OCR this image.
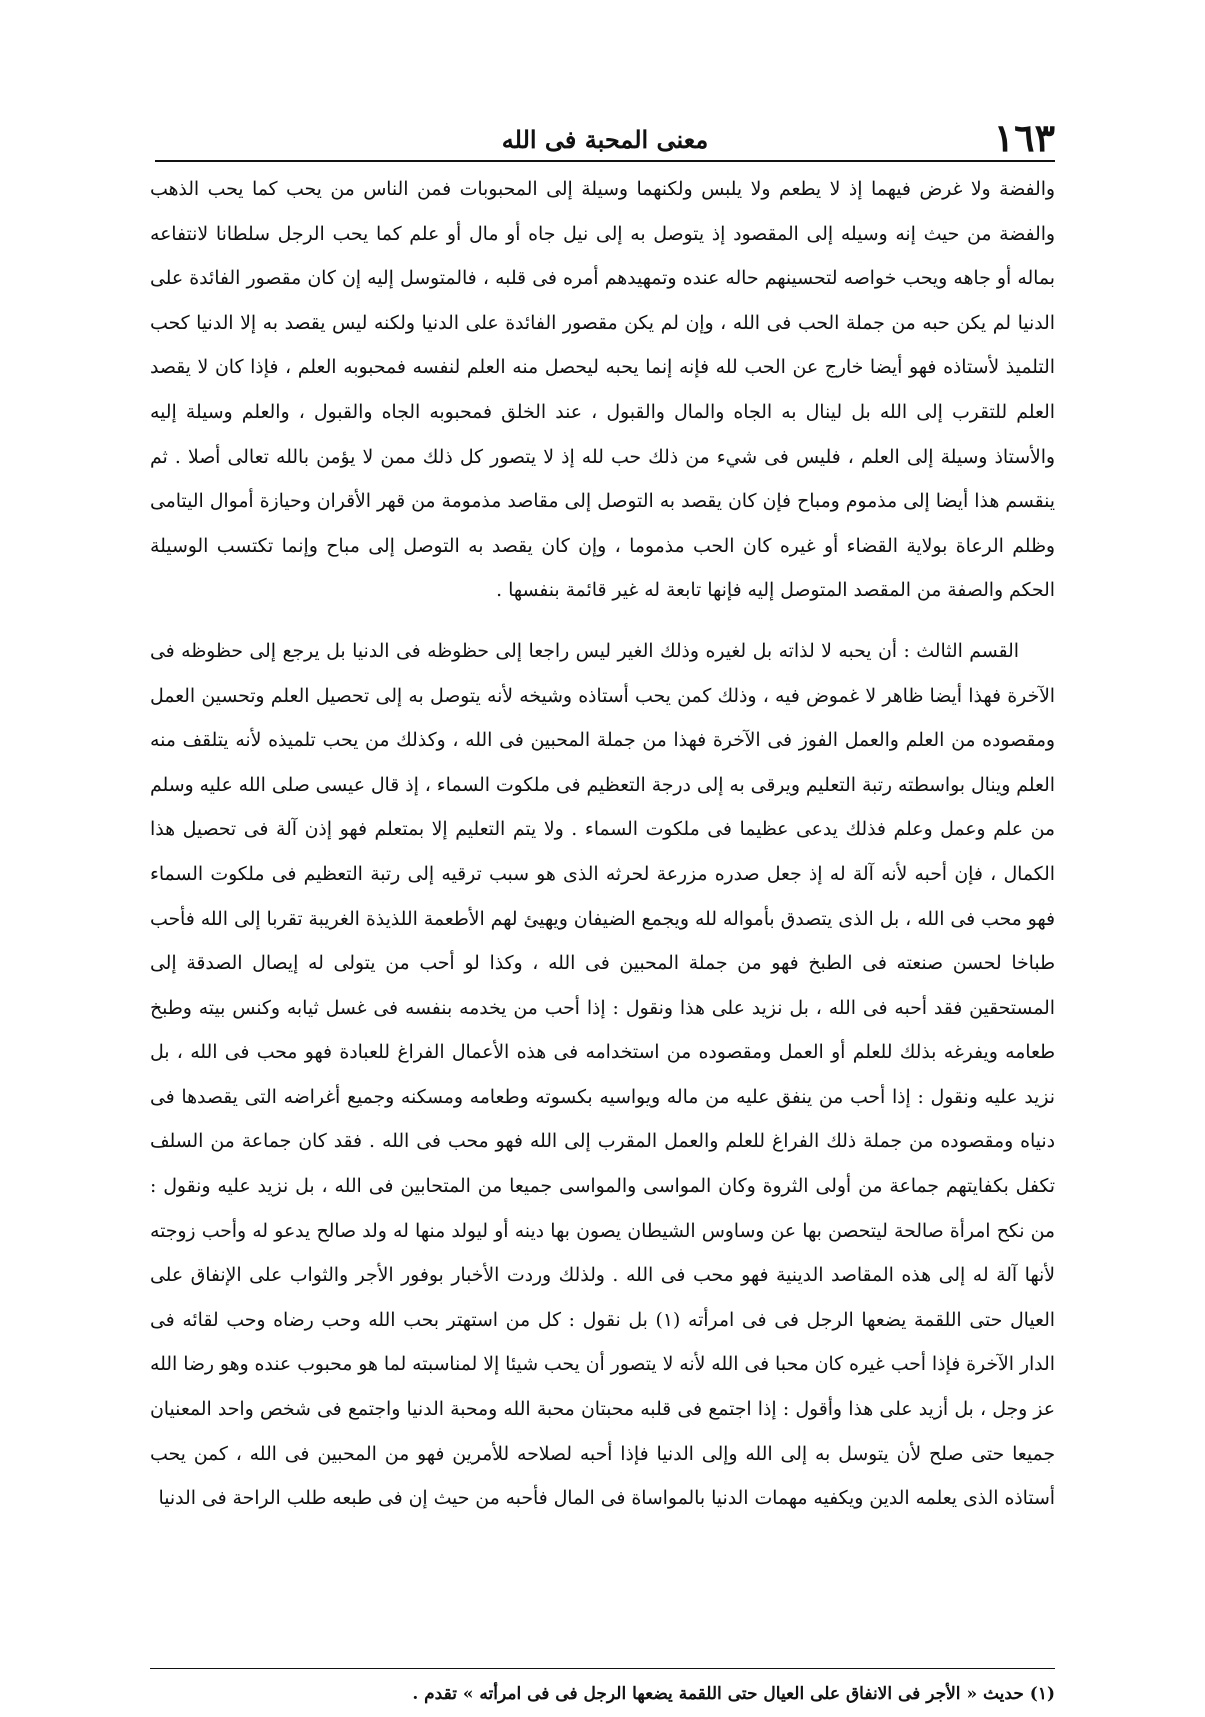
١٦٣
معنى المحبة فى الله

والفضة ولا غرض فيهما إذ لا يطعم ولا يلبس ولكنهما وسيلة إلى المحبوبات فمن الناس من يحب كما يحب الذهب والفضة من حيث إنه وسيله إلى المقصود إذ يتوصل به إلى نيل جاه أو مال أو علم كما يحب الرجل سلطانا لانتفاعه بماله أو جاهه ويحب خواصه لتحسينهم حاله عنده وتمهيدهم أمره فى قلبه ، فالمتوسل إليه إن كان مقصور الفائدة على الدنيا لم يكن حبه من جملة الحب فى الله ، وإن لم يكن مقصور الفائدة على الدنيا ولكنه ليس يقصد به إلا الدنيا كحب التلميذ لأستاذه فهو أيضا خارج عن الحب لله فإنه إنما يحبه ليحصل منه العلم لنفسه فمحبوبه العلم ، فإذا كان لا يقصد العلم للتقرب إلى الله بل لينال به الجاه والمال والقبول ، عند الخلق فمحبوبه الجاه والقبول ، والعلم وسيلة إليه والأستاذ وسيلة إلى العلم ، فليس فى شيء من ذلك حب لله إذ لا يتصور كل ذلك ممن لا يؤمن بالله تعالى أصلا . ثم ينقسم هذا أيضا إلى مذموم ومباح فإن كان يقصد به التوصل إلى مقاصد مذمومة من قهر الأقران وحيازة أموال اليتامى وظلم الرعاة بولاية القضاء أو غيره كان الحب مذموما ، وإن كان يقصد به التوصل إلى مباح وإنما تكتسب الوسيلة الحكم والصفة من المقصد المتوصل إليه فإنها تابعة له غير قائمة بنفسها .

القسم الثالث : أن يحبه لا لذاته بل لغيره وذلك الغير ليس راجعا إلى حظوظه فى الدنيا بل يرجع إلى حظوظه فى الآخرة فهذا أيضا ظاهر لا غموض فيه ، وذلك كمن يحب أستاذه وشيخه لأنه يتوصل به إلى تحصيل العلم وتحسين العمل ومقصوده من العلم والعمل الفوز فى الآخرة فهذا من جملة المحبين فى الله ، وكذلك من يحب تلميذه لأنه يتلقف منه العلم وينال بواسطته رتبة التعليم ويرقى به إلى درجة التعظيم فى ملكوت السماء ، إذ قال عيسى صلى الله عليه وسلم من علم وعمل وعلم فذلك يدعى عظيما فى ملكوت السماء . ولا يتم التعليم إلا بمتعلم فهو إذن آلة فى تحصيل هذا الكمال ، فإن أحبه لأنه آلة له إذ جعل صدره مزرعة لحرثه الذى هو سبب ترقيه إلى رتبة التعظيم فى ملكوت السماء فهو محب فى الله ، بل الذى يتصدق بأمواله لله ويجمع الضيفان ويهيئ لهم الأطعمة اللذيذة الغريبة تقربا إلى الله فأحب طباخا لحسن صنعته فى الطبخ فهو من جملة المحبين فى الله ، وكذا لو أحب من يتولى له إيصال الصدقة إلى المستحقين فقد أحبه فى الله ، بل نزيد على هذا ونقول : إذا أحب من يخدمه بنفسه فى غسل ثيابه وكنس بيته وطبخ طعامه ويفرغه بذلك للعلم أو العمل ومقصوده من استخدامه فى هذه الأعمال الفراغ للعبادة فهو محب فى الله ، بل نزيد عليه ونقول : إذا أحب من ينفق عليه من ماله ويواسيه بكسوته وطعامه ومسكنه وجميع أغراضه التى يقصدها فى دنياه ومقصوده من جملة ذلك الفراغ للعلم والعمل المقرب إلى الله فهو محب فى الله . فقد كان جماعة من السلف تكفل بكفايتهم جماعة من أولى الثروة وكان المواسى والمواسى جميعا من المتحابين فى الله ، بل نزيد عليه ونقول : من نكح امرأة صالحة ليتحصن بها عن وساوس الشيطان يصون بها دينه أو ليولد منها له ولد صالح يدعو له وأحب زوجته لأنها آلة له إلى هذه المقاصد الدينية فهو محب فى الله . ولذلك وردت الأخبار بوفور الأجر والثواب على الإنفاق على العيال حتى اللقمة يضعها الرجل فى فى امرأته (١) بل نقول : كل من استهتر بحب الله وحب رضاه وحب لقائه فى الدار الآخرة فإذا أحب غيره كان محبا فى الله لأنه لا يتصور أن يحب شيئا إلا لمناسبته لما هو محبوب عنده وهو رضا الله عز وجل ، بل أزيد على هذا وأقول : إذا اجتمع فى قلبه محبتان محبة الله ومحبة الدنيا واجتمع فى شخص واحد المعنيان جميعا حتى صلح لأن يتوسل به إلى الله وإلى الدنيا فإذا أحبه لصلاحه للأمرين فهو من المحبين فى الله ، كمن يحب أستاذه الذى يعلمه الدين ويكفيه مهمات الدنيا بالمواساة فى المال فأحبه من حيث إن فى طبعه طلب الراحة فى الدنيا

(١) حديث « الأجر فى الانفاق على العيال حتى اللقمة يضعها الرجل فى فى امرأته » تقدم .
